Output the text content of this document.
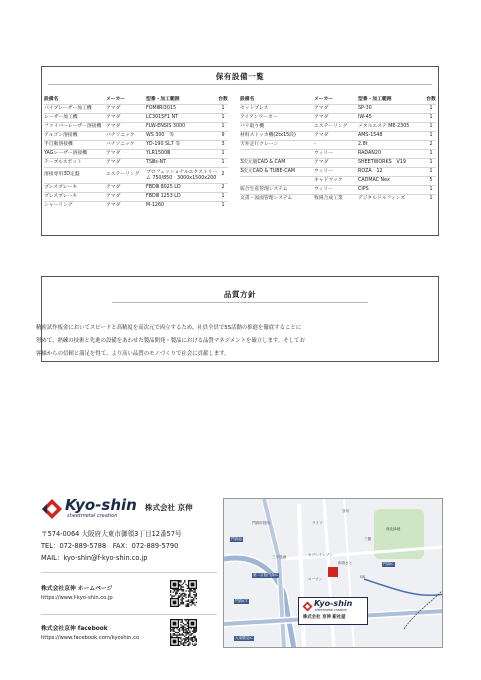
保有設備一覧
設備名	メーカー	型番・加工範囲	台数
パイプレーザー加工機	アマダ	FOMⅡRI3015	1
レーザー加工機	アマダ	LC3015F1 NT	1
ファイバーレーザー溶接機	アマダ	FLW-ENSIS 3000	1
アルゴン溶接機	パナソニック	WS 300　等	9
半自動溶接機	パナソニック	YD-190 SL7 等	3
YAGレーザー溶接機	アマダ	YLR1500Ⅲ	1
テーブルスポット	アマダ	TSⅢs-NT	1
溶接専用3D定盤	エステーリング	プロフェッショナルエクストリーム 750/850　3000x1500x200	2
プレスブレーキ	アマダ	FBDⅢ 8025 LD	2
プレスブレーキ	アマダ	FBDⅢ 1253 LD	1
シャーリング	アマダ	M-1260	1
設備名	メーカー	型番・加工範囲	台数
セットプレス	アマダ	SP-30	1
アイアンワーカー	アマダ	IW-45	1
バリ取り機	エステーリング	メタルエステ ME-2305	1
材料ストッカ機(2tx15段)	アマダ	AMS-1548	1
天井走行クレーン	-	2.8t	2
	ウィリー	RADAN20	1
3次元版CAD & CAM	アマダ	SHEETWORKS　V19	1
3次元CAD & TUBE-CAM	ウィリー	ROZA　12	1
	キャドマック	CADMAC Nex	5
統合生産管理システム	ウィリー	CIPS	1
文書・図面管理システム	牧岡合成工業	デジタルドルフィンズ	1
品質方針
精密試作板金においてスピードと高精度を高次元で両立するため、社員全員で5S活動の推進を徹底することに
努めて、熟練の技術と先進の設備をあわせた製品開発・製品における品質マネジメントを確立します。そしてお
客様からの信頼と満足を得て、より高い品質のモノづくりで社会に貢献します。
Kyo-shin
sheetmetal creation
株式会社 京伸
〒574-0064 大阪府大東市御領3丁目12番57号
TEL：072-889-5788　FAX：072-889-5790
MAIL：kyo-shin@f-kyo-shin.co.jp
株式会社京伸 ホームページ
https://www.f-kyo-shin.co.jp
株式会社京伸 facebook
https://www.facebook.com/kyoshin.co
門真南
門真JCT
大東鶴見IC
門真IC
第二京阪門真IC
ライフ
門真市役所
三ツ島南	セブンイレブン
ローソン	GS
和食さと
深北緑地
谷川
三箇
Kyo-shin
sheetmetal creation
株式会社 京伸 新社屋
